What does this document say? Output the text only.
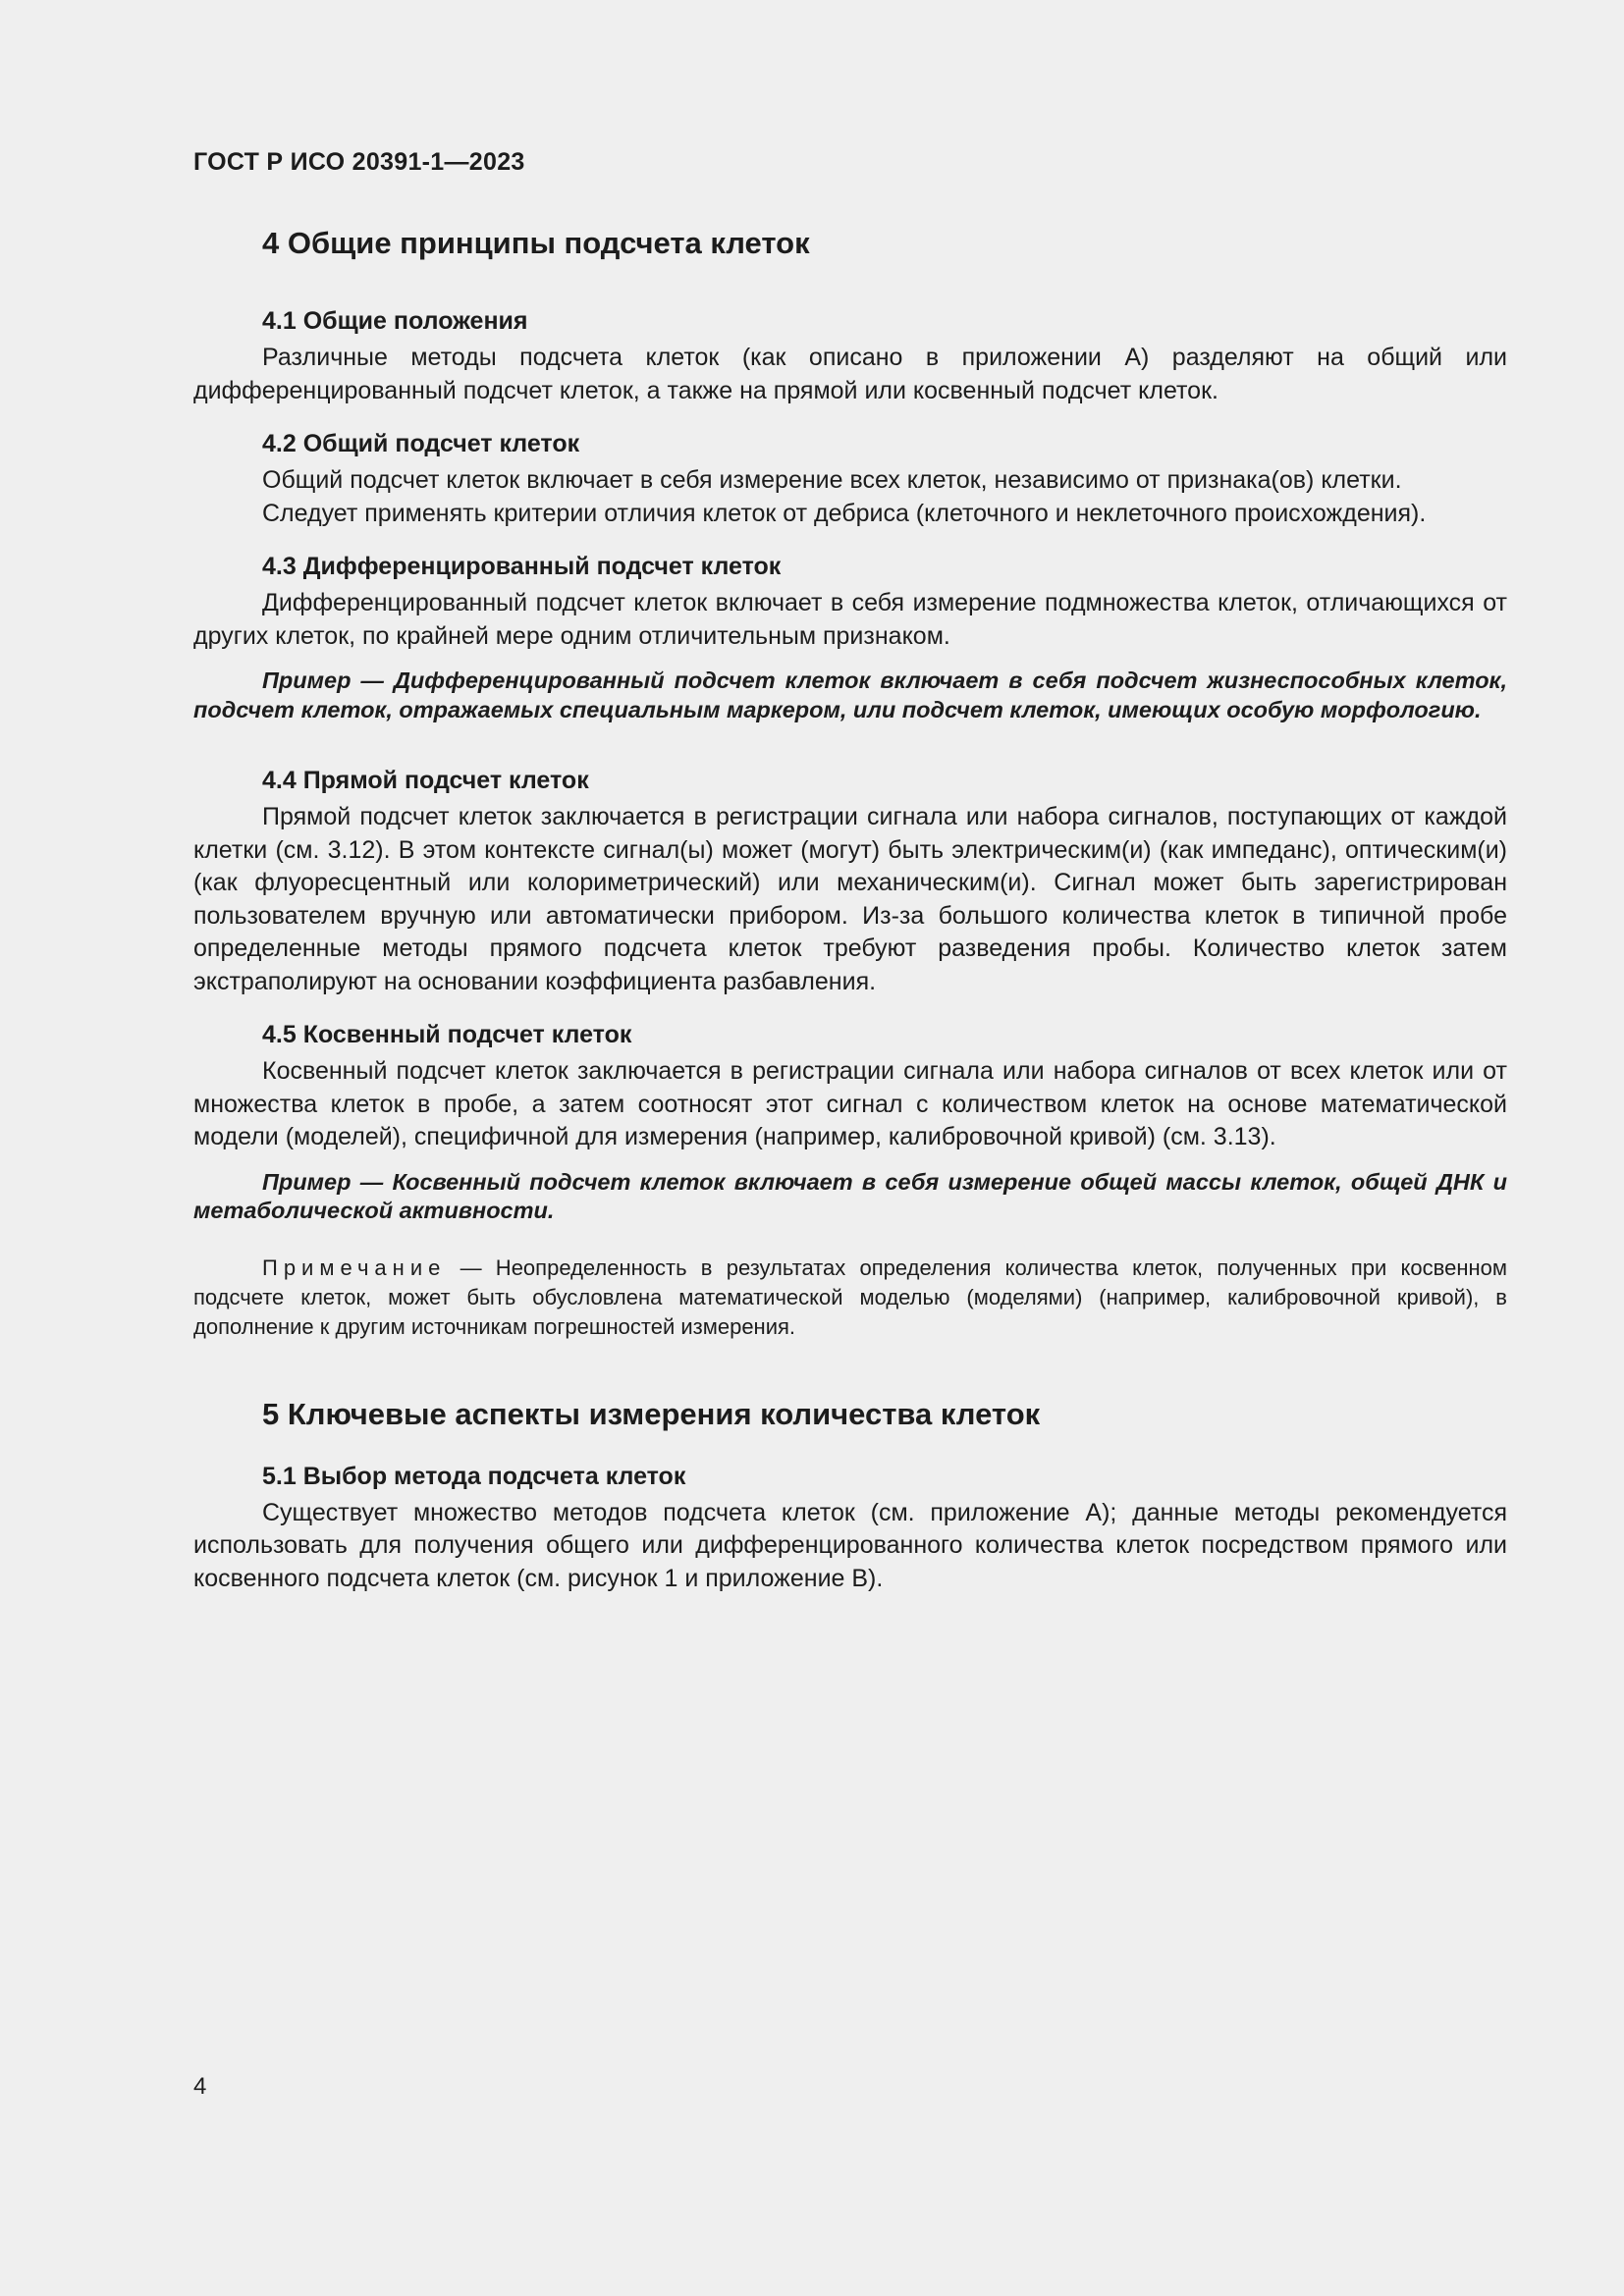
ГОСТ Р ИСО 20391-1—2023
4 Общие принципы подсчета клеток
4.1 Общие положения

Различные методы подсчета клеток (как описано в приложении А) разделяют на общий или дифференцированный подсчет клеток, а также на прямой или косвенный подсчет клеток.

4.2 Общий подсчет клеток

Общий подсчет клеток включает в себя измерение всех клеток, независимо от признака(ов) клетки.

Следует применять критерии отличия клеток от дебриса (клеточного и неклеточного происхождения).

4.3 Дифференцированный подсчет клеток

Дифференцированный подсчет клеток включает в себя измерение подмножества клеток, отличающихся от других клеток, по крайней мере одним отличительным признаком.

Пример — Дифференцированный подсчет клеток включает в себя подсчет жизнеспособных клеток, подсчет клеток, отражаемых специальным маркером, или подсчет клеток, имеющих особую морфологию.

4.4 Прямой подсчет клеток

Прямой подсчет клеток заключается в регистрации сигнала или набора сигналов, поступающих от каждой клетки (см. 3.12). В этом контексте сигнал(ы) может (могут) быть электрическим(и) (как импеданс), оптическим(и) (как флуоресцентный или колориметрический) или механическим(и). Сигнал может быть зарегистрирован пользователем вручную или автоматически прибором. Из-за большого количества клеток в типичной пробе определенные методы прямого подсчета клеток требуют разведения пробы. Количество клеток затем экстраполируют на основании коэффициента разбавления.

4.5 Косвенный подсчет клеток

Косвенный подсчет клеток заключается в регистрации сигнала или набора сигналов от всех клеток или от множества клеток в пробе, а затем соотносят этот сигнал с количеством клеток на основе математической модели (моделей), специфичной для измерения (например, калибровочной кривой) (см. 3.13).

Пример — Косвенный подсчет клеток включает в себя измерение общей массы клеток, общей ДНК и метаболической активности.

Примечание — Неопределенность в результатах определения количества клеток, полученных при косвенном подсчете клеток, может быть обусловлена математической моделью (моделями) (например, калибровочной кривой), в дополнение к другим источникам погрешностей измерения.

5 Ключевые аспекты измерения количества клеток
5.1 Выбор метода подсчета клеток

Существует множество методов подсчета клеток (см. приложение А); данные методы рекомендуется использовать для получения общего или дифференцированного количества клеток посредством прямого или косвенного подсчета клеток (см. рисунок 1 и приложение В).

4
